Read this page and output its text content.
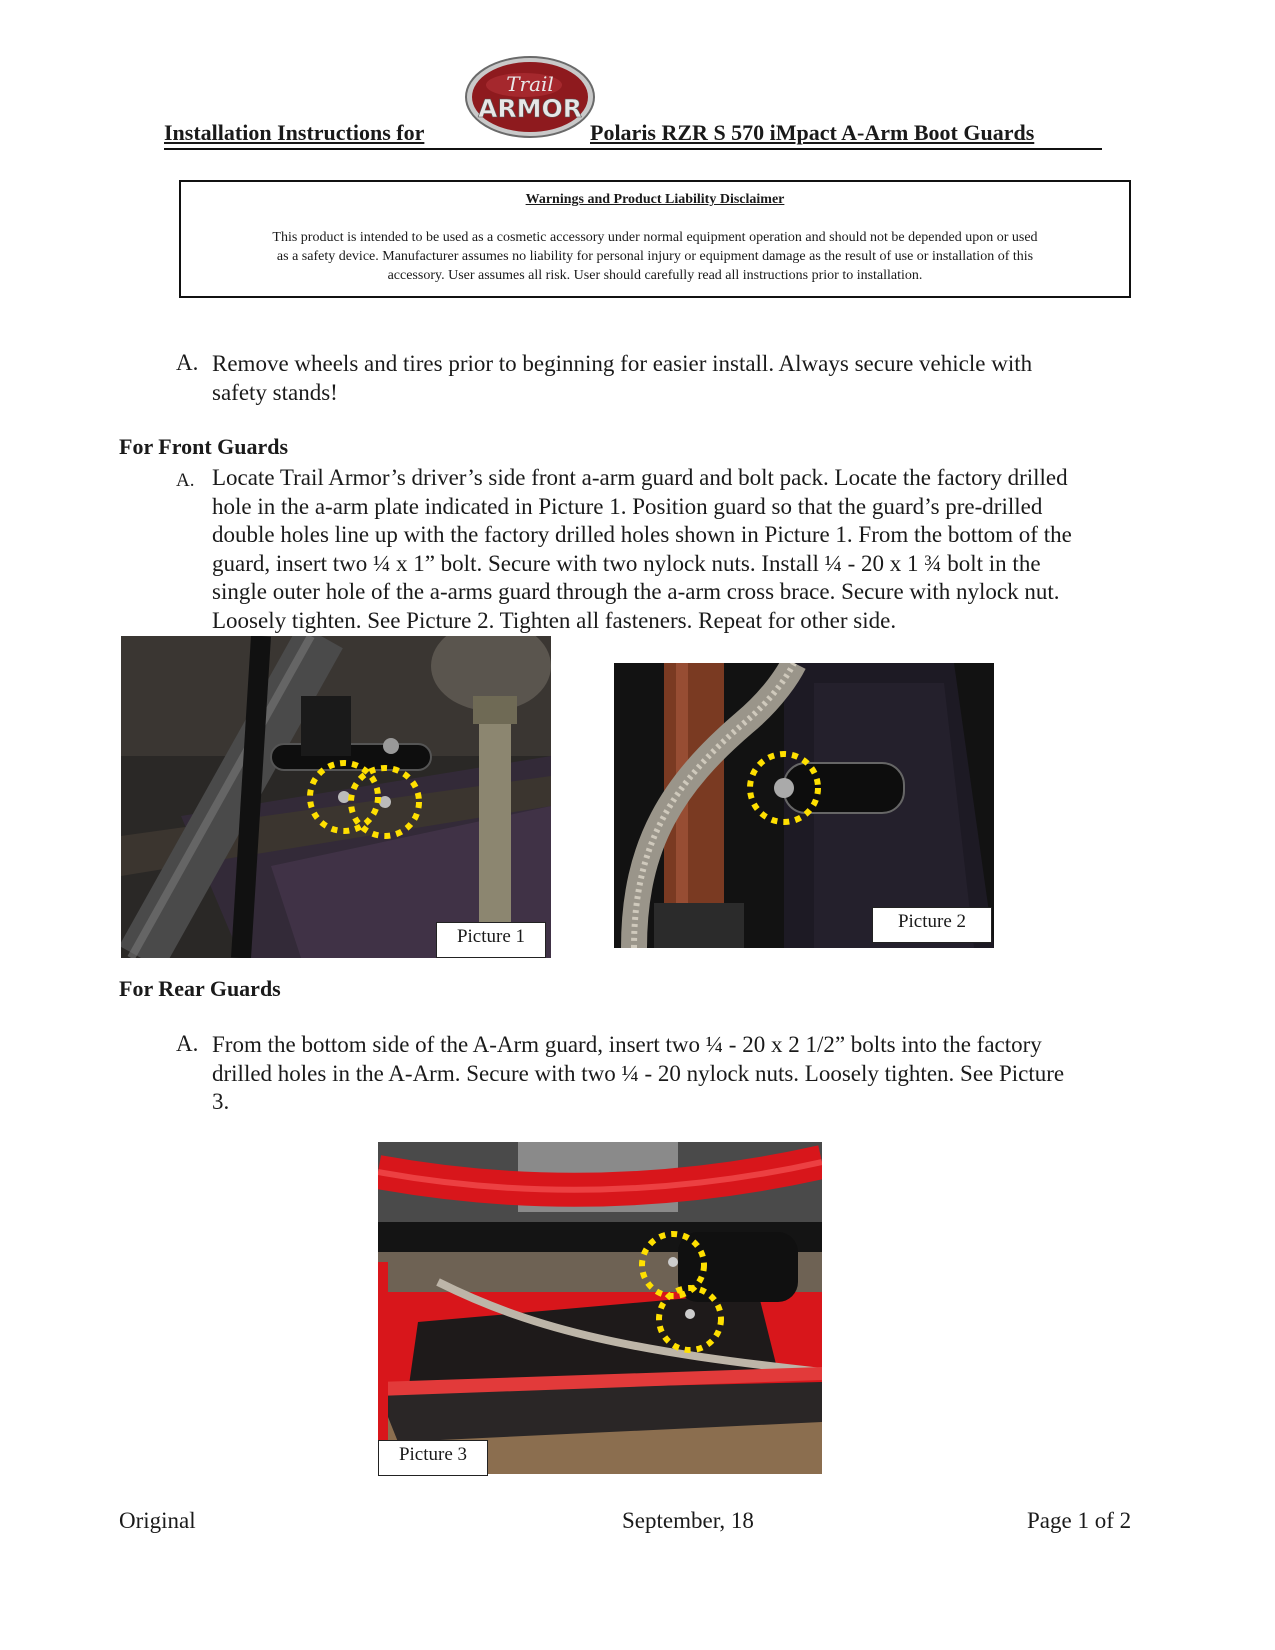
Installation Instructions for	Polaris RZR S 570 iMpact A-Arm Boot Guards
Trail
ARMOR
Warnings and Product Liability Disclaimer
This product is intended to be used as a cosmetic accessory under normal equipment operation and should not be depended upon or used
as a safety device. Manufacturer assumes no liability for personal injury or equipment damage as the result of use or installation of this
accessory. User assumes all risk. User should carefully read all instructions prior to installation.
A. Remove wheels and tires prior to beginning for easier install. Always secure vehicle with
safety stands!
For Front Guards
A. Locate Trail Armor’s driver’s side front a-arm guard and bolt pack. Locate the factory drilled
hole in the a-arm plate indicated in Picture 1. Position guard so that the guard’s pre-drilled
double holes line up with the factory drilled holes shown in Picture 1. From the bottom of the
guard, insert two ¼ x 1” bolt. Secure with two nylock nuts. Install ¼ - 20 x 1 ¾ bolt in the
single outer hole of the a-arms guard through the a-arm cross brace. Secure with nylock nut.
Loosely tighten. See Picture 2. Tighten all fasteners. Repeat for other side.
Picture 1
Picture 2
For Rear Guards
A. From the bottom side of the A-Arm guard, insert two ¼ - 20 x 2 1/2” bolts into the factory
drilled holes in the A-Arm. Secure with two ¼ - 20 nylock nuts. Loosely tighten. See Picture
3.
Picture 3
Original	September, 18	Page 1 of 2
